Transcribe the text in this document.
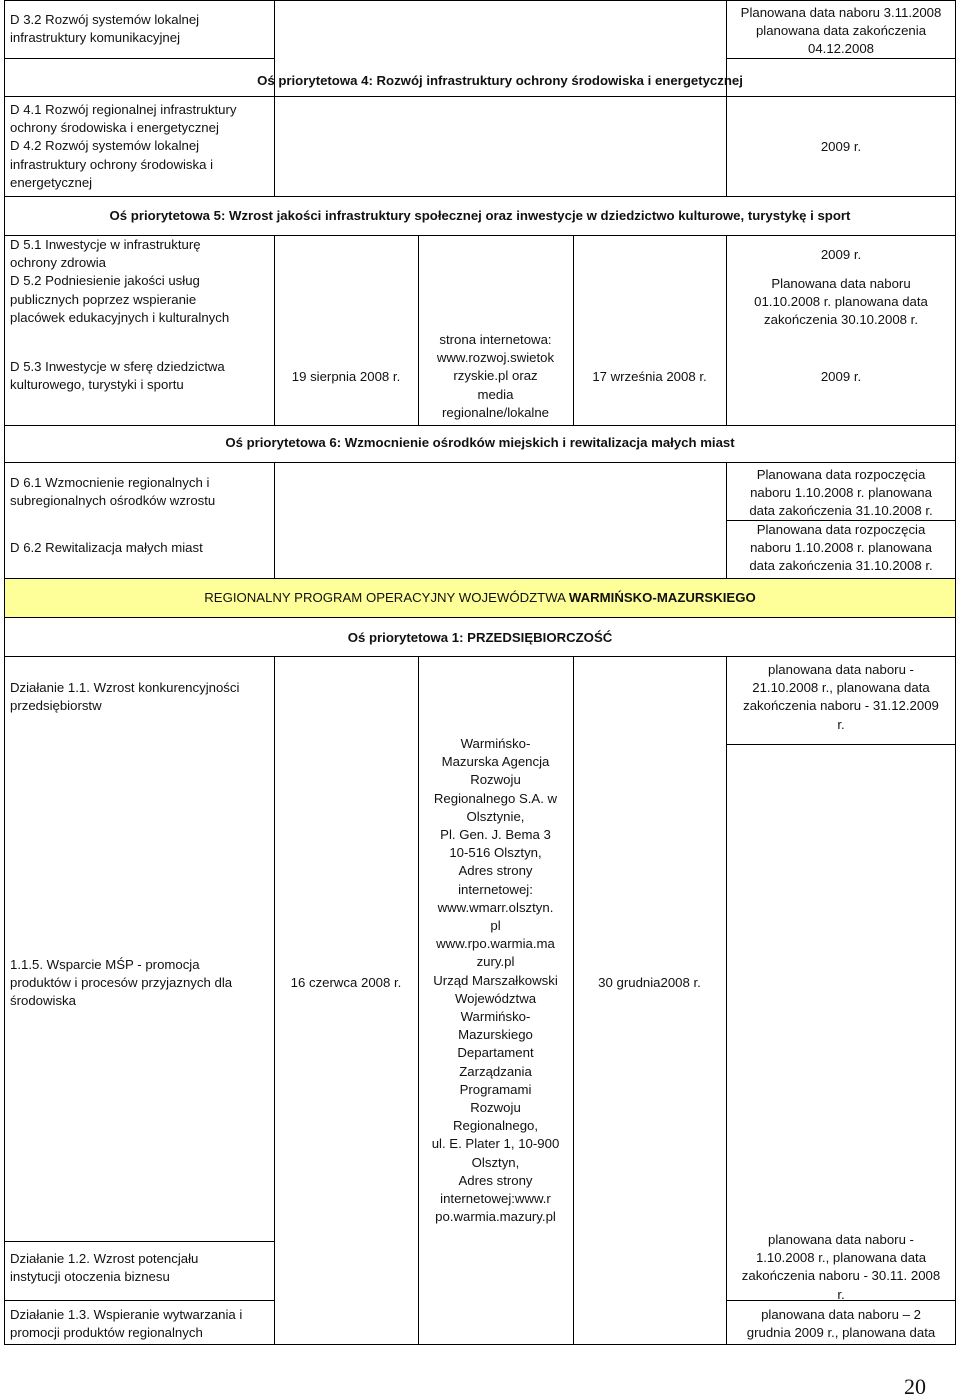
D 3.2 Rozwój systemów lokalnej
infrastruktury komunikacyjnej
Planowana data naboru 3.11.2008
planowana data zakończenia
04.12.2008
Oś priorytetowa 4: Rozwój infrastruktury ochrony środowiska i energetycznej
D 4.1 Rozwój regionalnej infrastruktury
ochrony środowiska i energetycznej
D 4.2 Rozwój systemów lokalnej
infrastruktury ochrony środowiska i
energetycznej
2009 r.
Oś priorytetowa 5: Wzrost jakości infrastruktury społecznej oraz inwestycje w dziedzictwo kulturowe, turystykę i sport
D 5.1 Inwestycje w infrastrukturę
ochrony zdrowia
D 5.2 Podniesienie jakości usług
publicznych poprzez wspieranie
placówek edukacyjnych i kulturalnych
D 5.3 Inwestycje w sferę dziedzictwa
kulturowego, turystyki i sportu
19 sierpnia 2008 r.
strona internetowa:
www.rozwoj.swietok
rzyskie.pl oraz
media
regionalne/lokalne
17 września 2008 r.
2009 r.
Planowana data naboru
01.10.2008 r. planowana data
zakończenia 30.10.2008 r.
2009 r.
Oś priorytetowa 6: Wzmocnienie ośrodków miejskich i rewitalizacja małych miast
D 6.1 Wzmocnienie regionalnych i
subregionalnych ośrodków wzrostu
D 6.2 Rewitalizacja małych miast
Planowana data rozpoczęcia
naboru 1.10.2008 r. planowana
data zakończenia 31.10.2008 r.
Planowana data rozpoczęcia
naboru 1.10.2008 r. planowana
data zakończenia 31.10.2008 r.
REGIONALNY PROGRAM OPERACYJNY WOJEWÓDZTWA WARMIŃSKO-MAZURSKIEGO
Oś priorytetowa 1: PRZEDSIĘBIORCZOŚĆ
Działanie 1.1. Wzrost konkurencyjności
przedsiębiorstw
1.1.5. Wsparcie MŚP - promocja
produktów i procesów przyjaznych dla
środowiska
Działanie 1.2. Wzrost potencjału
instytucji otoczenia biznesu
Działanie 1.3. Wspieranie wytwarzania i
promocji produktów regionalnych
16 czerwca 2008 r.
Warmińsko-
Mazurska Agencja
Rozwoju
Regionalnego S.A. w
Olsztynie,
Pl. Gen. J. Bema 3
10-516 Olsztyn,
Adres strony
internetowej:
www.wmarr.olsztyn.
pl
www.rpo.warmia.ma
zury.pl
Urząd Marszałkowski
Województwa
Warmińsko-
Mazurskiego
Departament
Zarządzania
Programami
Rozwoju
Regionalnego,
ul. E. Plater 1, 10-900
Olsztyn,
Adres strony
internetowej:www.r
po.warmia.mazury.pl
30 grudnia2008 r.
planowana data naboru -
21.10.2008 r., planowana data
zakończenia naboru - 31.12.2009
r.
planowana data naboru -
1.10.2008 r., planowana data
zakończenia naboru - 30.11. 2008
r.
planowana data naboru – 2
grudnia 2009 r., planowana data
20
